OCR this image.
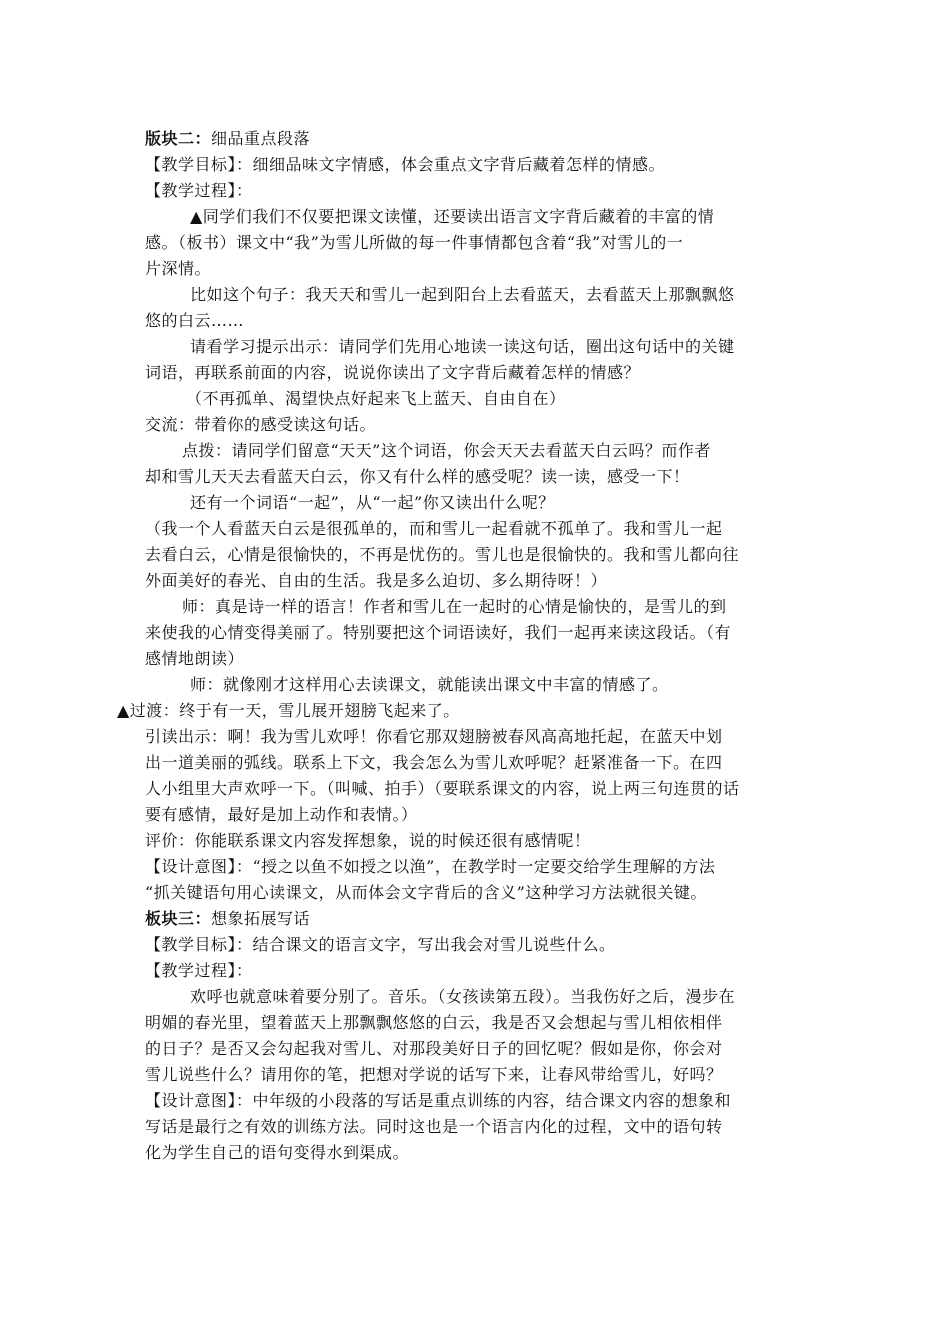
版块二：细品重点段落
【教学目标】：细细品味文字情感，体会重点文字背后藏着怎样的情感。
【教学过程】：
▲同学们我们不仅要把课文读懂，还要读出语言文字背后藏着的丰富的情
感。（板书）课文中“我”为雪儿所做的每一件事情都包含着“我”对雪儿的一
片深情。
比如这个句子：我天天和雪儿一起到阳台上去看蓝天，去看蓝天上那飘飘悠
悠的白云……
请看学习提示出示：请同学们先用心地读一读这句话，圈出这句话中的关键
词语，再联系前面的内容，说说你读出了文字背后藏着怎样的情感？
（不再孤单、渴望快点好起来飞上蓝天、自由自在）
交流：带着你的感受读这句话。
点拨：请同学们留意“天天”这个词语，你会天天去看蓝天白云吗？而作者
却和雪儿天天去看蓝天白云，你又有什么样的感受呢？读一读，感受一下！
还有一个词语“一起”，从“一起”你又读出什么呢？
（我一个人看蓝天白云是很孤单的，而和雪儿一起看就不孤单了。我和雪儿一起
去看白云，心情是很愉快的，不再是忧伤的。雪儿也是很愉快的。我和雪儿都向往
外面美好的春光、自由的生活。我是多么迫切、多么期待呀！）
师：真是诗一样的语言！作者和雪儿在一起时的心情是愉快的，是雪儿的到
来使我的心情变得美丽了。特别要把这个词语读好，我们一起再来读这段话。（有
感情地朗读）
师：就像刚才这样用心去读课文，就能读出课文中丰富的情感了。
▲过渡：终于有一天，雪儿展开翅膀飞起来了。
引读出示：啊！我为雪儿欢呼！你看它那双翅膀被春风高高地托起，在蓝天中划
出一道美丽的弧线。联系上下文，我会怎么为雪儿欢呼呢？赶紧准备一下。在四
人小组里大声欢呼一下。（叫喊、拍手）（要联系课文的内容，说上两三句连贯的话
要有感情，最好是加上动作和表情。）
评价：你能联系课文内容发挥想象，说的时候还很有感情呢！
【设计意图】：“授之以鱼不如授之以渔”，在教学时一定要交给学生理解的方法
“抓关键语句用心读课文，从而体会文字背后的含义”这种学习方法就很关键。
板块三：想象拓展写话
【教学目标】：结合课文的语言文字，写出我会对雪儿说些什么。
【教学过程】：
欢呼也就意味着要分别了。音乐。（女孩读第五段）。当我伤好之后，漫步在
明媚的春光里，望着蓝天上那飘飘悠悠的白云，我是否又会想起与雪儿相依相伴
的日子？是否又会勾起我对雪儿、对那段美好日子的回忆呢？假如是你，你会对
雪儿说些什么？请用你的笔，把想对学说的话写下来，让春风带给雪儿，好吗？
【设计意图】：中年级的小段落的写话是重点训练的内容，结合课文内容的想象和
写话是最行之有效的训练方法。同时这也是一个语言内化的过程，文中的语句转
化为学生自己的语句变得水到渠成。
